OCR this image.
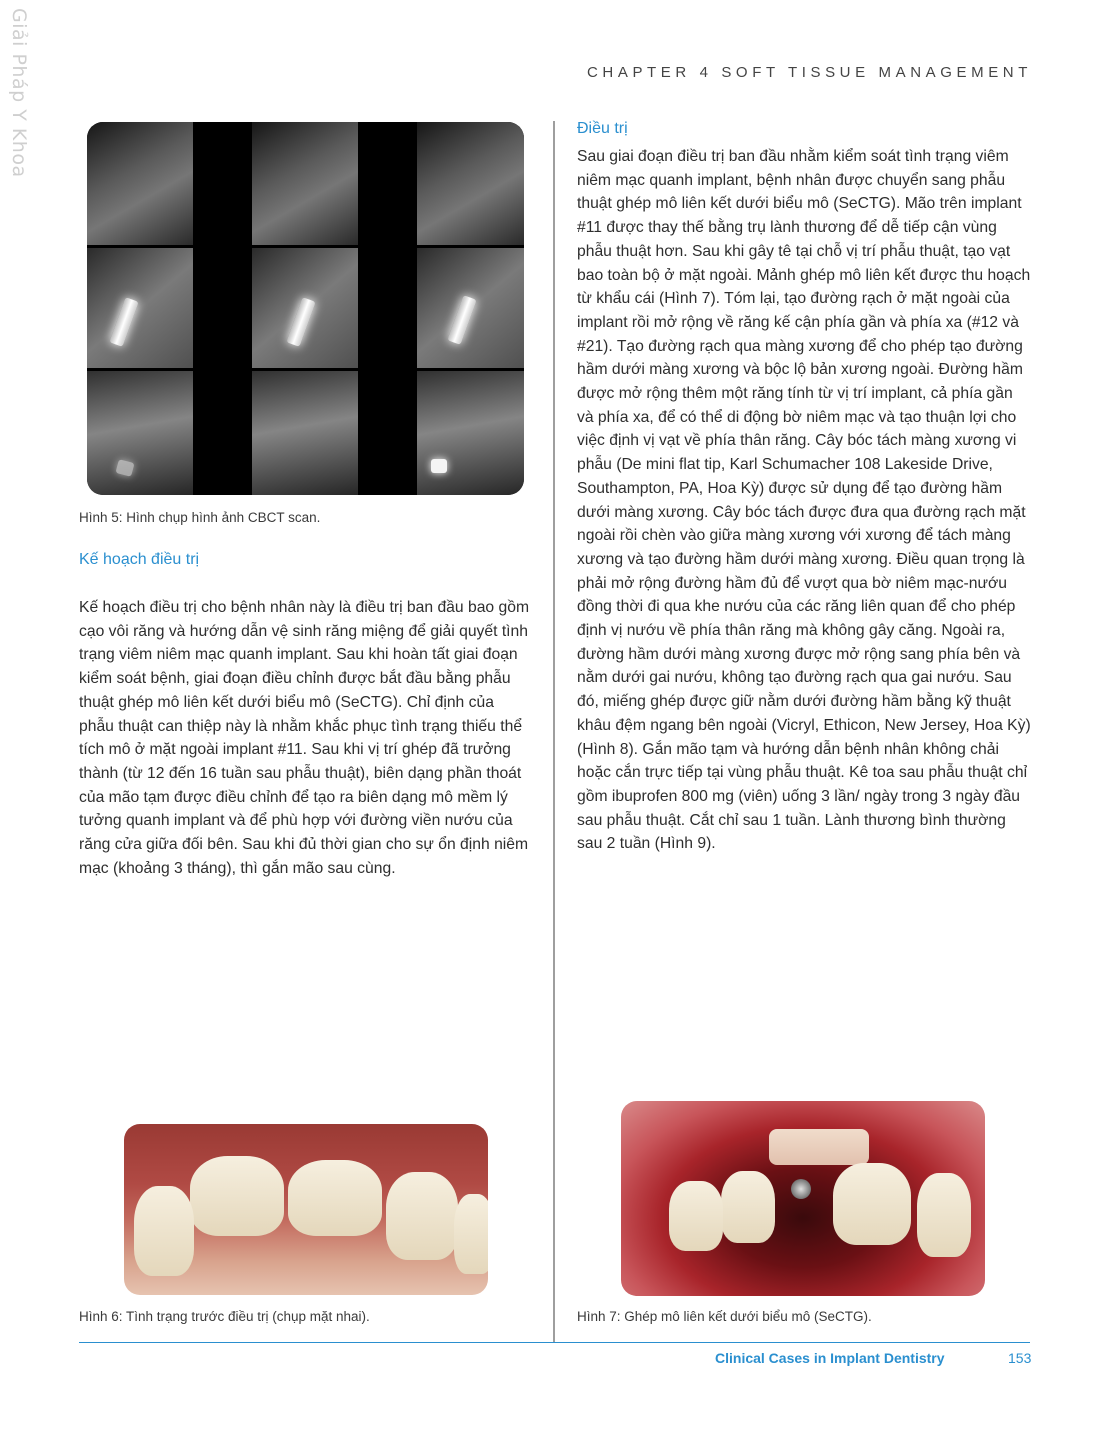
Giải Pháp Y Khoa	CHAPTER 4 SOFT TISSUE MANAGEMENT
Hình 5: Hình chụp hình ảnh CBCT scan.
Kế hoạch điều trị
Kế hoạch điều trị cho bệnh nhân này là điều trị ban đầu bao gồm cạo vôi răng và hướng dẫn vệ sinh răng miệng để giải quyết tình trạng viêm niêm mạc quanh implant. Sau khi hoàn tất giai đoạn kiểm soát bệnh, giai đoạn điều chỉnh được bắt đầu bằng phẫu thuật ghép mô liên kết dưới biểu mô (SeCTG). Chỉ định của phẫu thuật can thiệp này là nhằm khắc phục tình trạng thiếu thể tích mô ở mặt ngoài implant #11. Sau khi vị trí ghép đã trưởng thành (từ 12 đến 16 tuần sau phẫu thuật), biên dạng phần thoát của mão tạm được điều chỉnh để tạo ra biên dạng mô mềm lý tưởng quanh implant và để phù hợp với đường viền nướu của răng cửa giữa đối bên. Sau khi đủ thời gian cho sự ổn định niêm mạc (khoảng 3 tháng), thì gắn mão sau cùng.
Điều trị
Sau giai đoạn điều trị ban đầu nhằm kiểm soát tình trạng viêm niêm mạc quanh implant, bệnh nhân được chuyển sang phẫu thuật ghép mô liên kết dưới biểu mô (SeCTG). Mão trên implant #11 được thay thế bằng trụ lành thương để dễ tiếp cận vùng phẫu thuật hơn. Sau khi gây tê tại chỗ vị trí phẫu thuật, tạo vạt bao toàn bộ ở mặt ngoài. Mảnh ghép mô liên kết được thu hoạch từ khẩu cái (Hình 7). Tóm lại, tạo đường rạch ở mặt ngoài của implant rồi mở rộng về răng kế cận phía gần và phía xa (#12 và #21). Tạo đường rạch qua màng xương để cho phép tạo đường hầm dưới màng xương và bộc lộ bản xương ngoài. Đường hầm được mở rộng thêm một răng tính từ vị trí implant, cả phía gần và phía xa, để có thể di động bờ niêm mạc và tạo thuận lợi cho việc định vị vạt về phía thân răng. Cây bóc tách màng xương vi phẫu (De mini flat tip, Karl Schumacher 108 Lakeside Drive, Southampton, PA, Hoa Kỳ) được sử dụng để tạo đường hầm dưới màng xương. Cây bóc tách được đưa qua đường rạch mặt ngoài rồi chèn vào giữa màng xương với xương để tách màng xương và tạo đường hầm dưới màng xương. Điều quan trọng là phải mở rộng đường hầm đủ để vượt qua bờ niêm mạc-nướu đồng thời đi qua khe nướu của các răng liên quan để cho phép định vị nướu về phía thân răng mà không gây căng. Ngoài ra, đường hầm dưới màng xương được mở rộng sang phía bên và nằm dưới gai nướu, không tạo đường rạch qua gai nướu. Sau đó, miếng ghép được giữ nằm dưới đường hầm bằng kỹ thuật khâu đệm ngang bên ngoài (Vicryl, Ethicon, New Jersey, Hoa Kỳ) (Hình 8). Gắn mão tạm và hướng dẫn bệnh nhân không chải hoặc cắn trực tiếp tại vùng phẫu thuật. Kê toa sau phẫu thuật chỉ gồm ibuprofen 800 mg (viên) uống 3 lần/ ngày trong 3 ngày đầu sau phẫu thuật. Cắt chỉ sau 1 tuần. Lành thương bình thường sau 2 tuần (Hình 9).
Hình 6: Tình trạng trước điều trị (chụp mặt nhai).	Hình 7: Ghép mô liên kết dưới biểu mô (SeCTG).
Clinical Cases in Implant Dentistry	153
